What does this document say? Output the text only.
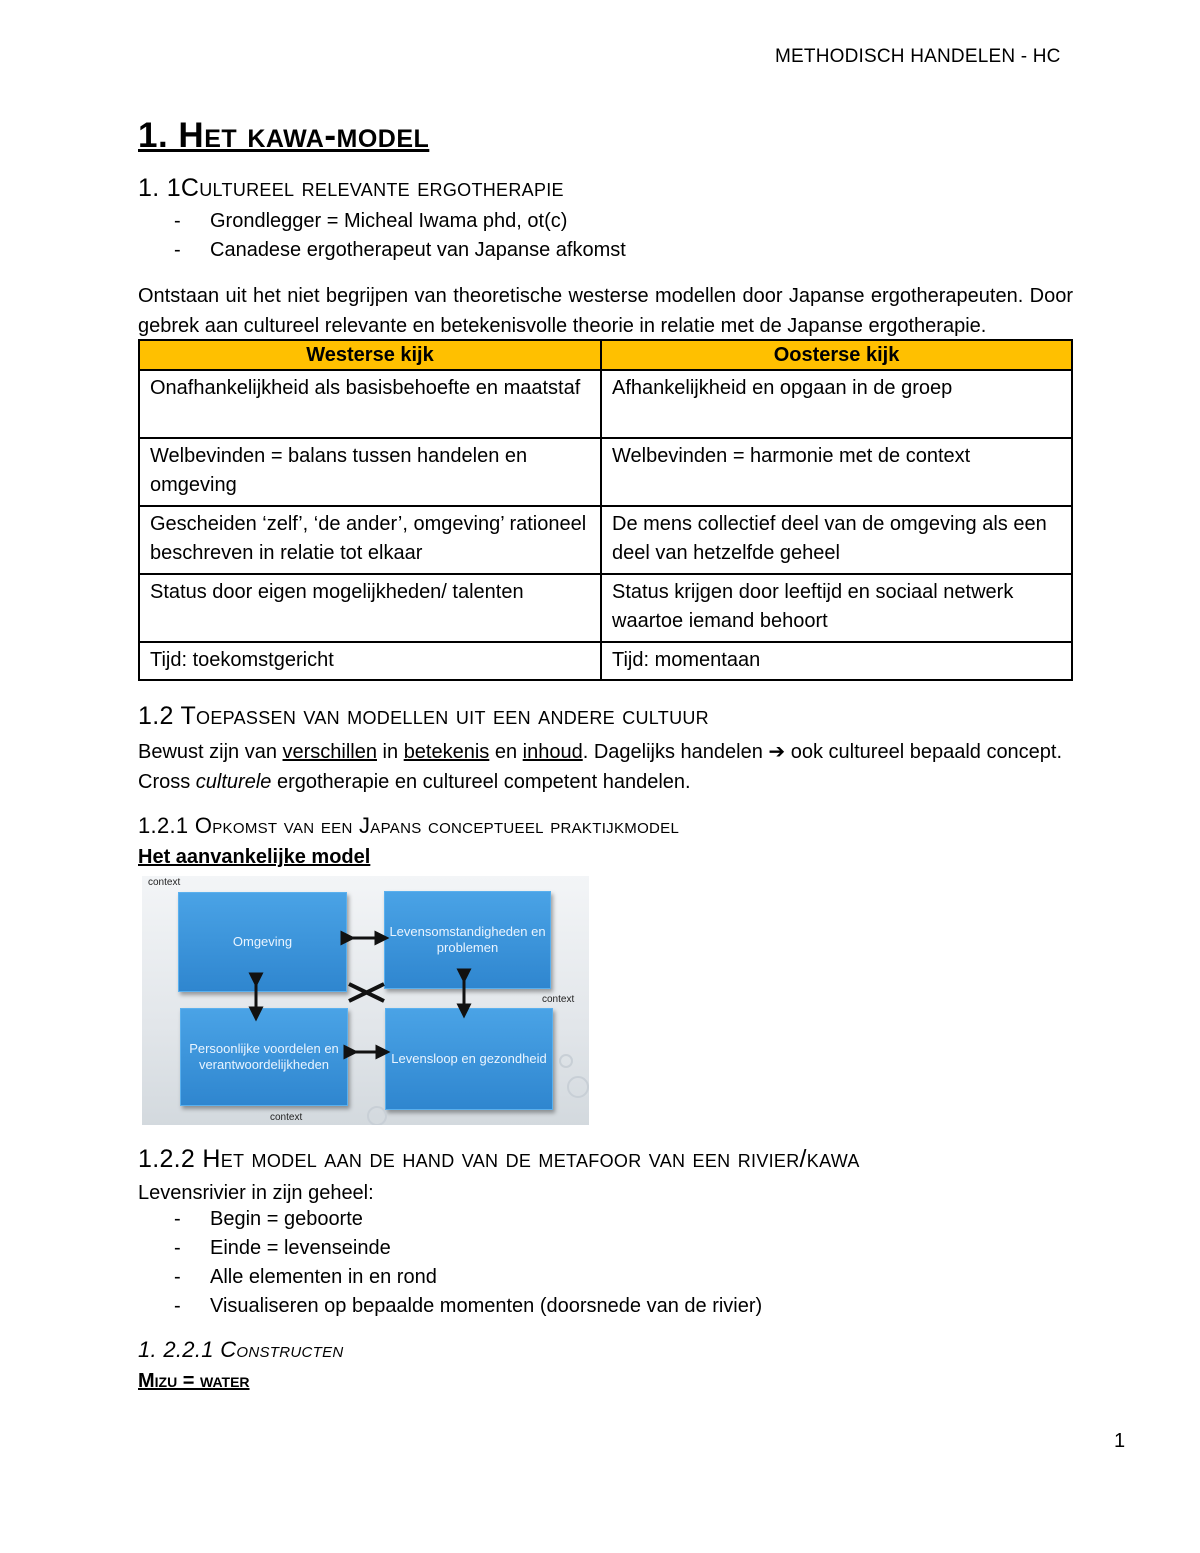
METHODISCH HANDELEN - HC
1. Het kawa-model
1. 1Cultureel relevante ergotherapie
- Grondlegger = Micheal Iwama phd, ot(c)
- Canadese ergotherapeut van Japanse afkomst
Ontstaan uit het niet begrijpen van theoretische westerse modellen door Japanse ergotherapeuten. Door gebrek aan cultureel relevante en betekenisvolle theorie in relatie met de Japanse ergotherapie.
Westerse kijk	Oosterse kijk
Onafhankelijkheid als basisbehoefte en maatstaf	Afhankelijkheid en opgaan in de groep
Welbevinden = balans tussen handelen en omgeving	Welbevinden = harmonie met de context
Gescheiden ‘zelf’, ‘de ander’, omgeving’ rationeel beschreven in relatie tot elkaar	De mens collectief deel van de omgeving als een deel van hetzelfde geheel
Status door eigen mogelijkheden/ talenten	Status krijgen door leeftijd en sociaal netwerk waartoe iemand behoort
Tijd: toekomstgericht	Tijd: momentaan
1.2 Toepassen van modellen uit een andere cultuur
Bewust zijn van verschillen in betekenis en inhoud. Dagelijks handelen ➔ ook cultureel bepaald concept. Cross culturele ergotherapie en cultureel competent handelen.
1.2.1 Opkomst van een Japans conceptueel praktijkmodel
Het aanvankelijke model
context
context
context
Omgeving
Levensomstandigheden en problemen
Persoonlijke voordelen en verantwoordelijkheden	Levensloop en gezondheid
1.2.2 Het model aan de hand van de metafoor van een rivier/kawa
Levensrivier in zijn geheel:
- Begin = geboorte
- Einde = levenseinde
- Alle elementen in en rond
- Visualiseren op bepaalde momenten (doorsnede van de rivier)
1. 2.2.1 Constructen
Mizu = water
1
